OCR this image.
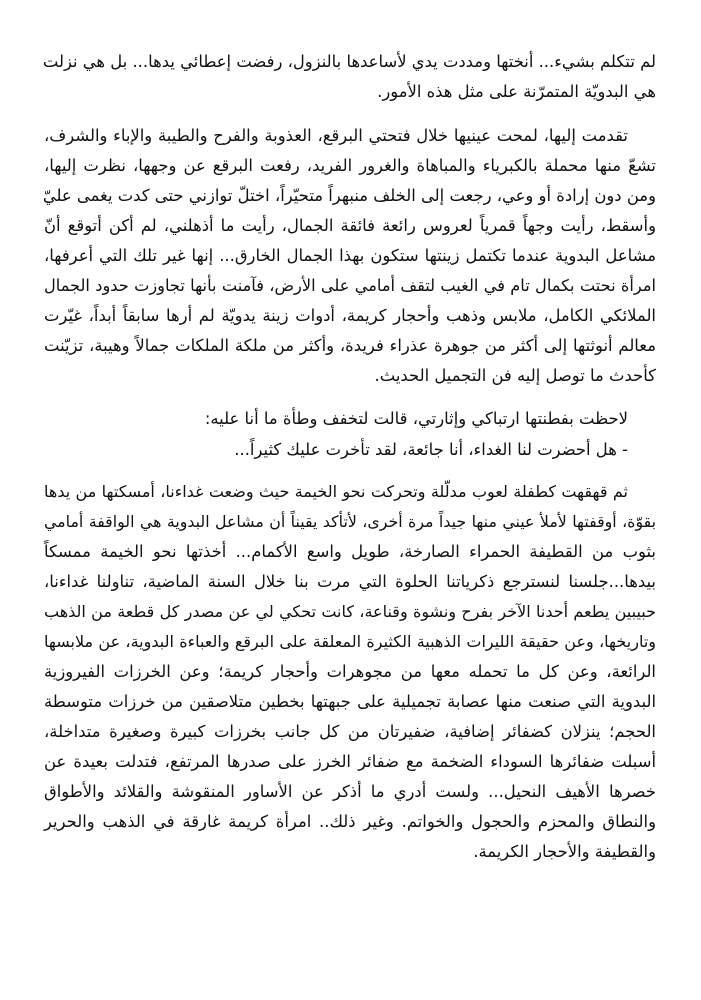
لم تتكلم بشيء... أنختها ومددت يدي لأساعدها بالنزول، رفضت إعطائي يدها... بل هي نزلت
هي البدويّة المتمرّنة على مثل هذه الأمور.
تقدمت إليها، لمحت عينيها خلال فتحتي البرقع، العذوبة والفرح والطيبة والإباء والشرف،
تشعّ منها محملة بالكبرياء والمباهاة والغرور الفريد، رفعت البرقع عن وجهها، نظرت إليها،
ومن دون إرادة أو وعي، رجعت إلى الخلف منبهراً متحيّراً، اختلّ توازني حتى كدت يغمى عليّ
وأسقط، رأيت وجهاً قمرياً لعروس رائعة فائقة الجمال، رأيت ما أذهلني، لم أكن أتوقع أنّ
مشاعل البدوية عندما تكتمل زينتها ستكون بهذا الجمال الخارق... إنها غير تلك التي أعرفها،
امرأة نحتت بكمال تام في الغيب لتقف أمامي على الأرض، فآمنت بأنها تجاوزت حدود الجمال
الملائكي الكامل، ملابس وذهب وأحجار كريمة، أدوات زينة يدويّة لم أرها سابقاً أبداً، غيّرت
معالم أنوثتها إلى أكثر من جوهرة عذراء فريدة، وأكثر من ملكة الملكات جمالاً وهيبة، تزيّنت
كأحدث ما توصل إليه فن التجميل الحديث.
لاحظت بفطنتها ارتباكي وإثارتي، قالت لتخفف وطأة ما أنا عليه:
- هل أحضرت لنا الغداء، أنا جائعة، لقد تأخرت عليك كثيراً...
ثم قهقهت كطفلة لعوب مدلّلة وتحركت نحو الخيمة حيث وضعت غداءنا، أمسكتها من يدها
بقوّة، أوقفتها لأملأ عيني منها جيداً مرة أخرى، لأتأكد يقيناً أن مشاعل البدوية هي الواقفة أمامي
بثوب من القطيفة الحمراء الصارخة، طويل واسع الأكمام... أخذتها نحو الخيمة ممسكاً
بيدها...جلسنا لنسترجع ذكرياتنا الحلوة التي مرت بنا خلال السنة الماضية، تناولنا غداءنا،
حبيبين يطعم أحدنا الآخر بفرح ونشوة وقناعة، كانت تحكي لي عن مصدر كل قطعة من الذهب
وتاريخها، وعن حقيقة الليرات الذهبية الكثيرة المعلقة على البرقع والعباءة البدوية، عن ملابسها
الرائعة، وعن كل ما تحمله معها من مجوهرات وأحجار كريمة؛ وعن الخرزات الفيروزية
البدوية التي صنعت منها عصابة تجميلية على جبهتها بخطين متلاصقين من خرزات متوسطة
الحجم؛ ينزلان كضفائر إضافية، ضفيرتان من كل جانب بخرزات كبيرة وصغيرة متداخلة،
أسبلت ضفائرها السوداء الضخمة مع ضفائر الخرز على صدرها المرتفع، فتدلت بعيدة عن
خصرها الأهيف النحيل... ولست أدري ما أذكر عن الأساور المنقوشة والقلائد والأطواق
والنطاق والمحزم والحجول والخواتم. وغير ذلك.. امرأة كريمة غارقة في الذهب والحرير
والقطيفة والأحجار الكريمة.
